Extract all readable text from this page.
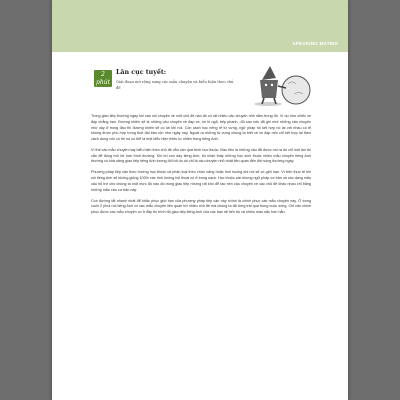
SPEAKING MATRIX
2 phút
xử ĐỘNG NÃO
Lăn cục tuyết:
Giải đoạn mở rộng sang các mẫu chuyện và biểu hiện theo chủ đề

Trong giao tiếp thường ngày khi cần nói chuyện về một chủ đề nào đó có rất nhiều câu chuyện nhỏ nằm trong đó. Ví dụ như chiếc xe đạp chẳng hạn. Đương nhiên sẽ là những câu chuyện về đạp xe, rồi bị ngã, bếp phanh...đủ sao nếu đã ghi nhớ những câu chuyện như vậy ở trong đầu thì đương nhiên sẽ có lợi khi nói. Còn cách học riêng rẽ từ vựng, ngữ pháp rồi kết hợp nó lại với nhau có lẽ không được phù hợp trong thời đại bận rộn như ngày nay. Ngoài ra những từ vựng chúng ta biết về xe đạp nếu chỉ kết hợp lại theo cách dùng vốn có thì nó có thể là một biểu hiện thiếu tự nhiên trong tiếng Anh.

Vì thế các mẫu chuyện hay biểu hiện theo chủ đề vẫn cần quá trình học thuộc. Đầu tiên là những câu đã được nói ra dù chỉ một lần thì vẫn để đúng mở lời hơn bình thường. Khi lời còn day tiếng Anh, tôi nhận thấy những học sinh thuộc nhiều mẫu chuyện tiếng Anh thường có khả năng giao tiếp tiếng Anh tương đối tốt do dù chỉ là câu chuyện nhỏ nhặt liên quan đến đời sống thường ngày.

Phương pháp tiếp cận theo hướng học thuộc và phân loại theo chức năng hoặc tình huống khi nói sẽ có giới hạn. Vì trên thực tế khi nói tiếng Anh sẽ không giống 100% các tình huống hội thoại có ở trong sách. Học thuộc các khung ngữ pháp cơ bản và các dạng mẫu câu hỗ trợ cho chúng ta một mức độ nào đó trong giao tiếp nhưng rất khó để tạo nên câu chuyện về các chủ đề khác nhau chỉ bằng những mẫu câu cơ bản này.

Con đường tắt nhanh nhất để khắc phục giới hạn của phương pháp tiếp cận này chính là chinh phục các mẫu chuyện này. Ở trong cuốn 2 phút nói tiếng Anh có các mẫu chuyện liên quan tới nhiều chủ đề mà chúng ta đã từng trải qua trong cuộc sống. Chỉ cần chinh phục được các mẫu chuyện có ở đây thì trình độ giao tiếp tiếng Anh của các bạn sẽ tiến bộ và nhiều màu sắc hơn hẳn.
